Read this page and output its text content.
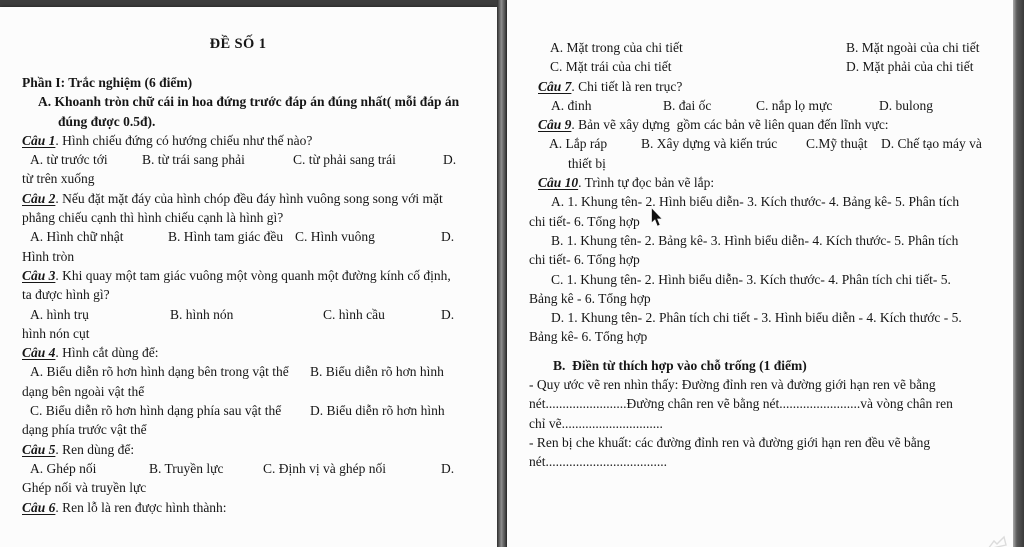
ĐỀ SỐ 1
Phần I: Trắc nghiệm (6 điểm)
A. Khoanh tròn chữ cái in hoa đứng trước đáp án đúng nhất( mỗi đáp án
đúng được 0.5đ).
Câu 1. Hình chiếu đứng có hướng chiếu như thế nào?

A. từ trước tới

	B. từ trái sang phải

	C. từ phải sang trái

	D.

từ trên xuống
Câu 2. Nếu đặt mặt đáy của hình chóp đều đáy hình vuông song song với mặt
phẳng chiếu cạnh thì hình chiếu cạnh là hình gì?

A. Hình chữ nhật

	B. Hình tam giác đều

C. Hình vuông

	D.

Hình tròn
Câu 3. Khi quay một tam giác vuông một vòng quanh một đường kính cố định,
ta được hình gì?

A. hình trụ

	B. hình nón

	C. hình cầu

	D.

hình nón cụt
Câu 4. Hình cắt dùng để:

A. Biểu diễn rõ hơn hình dạng bên trong vật thể

B. Biểu diễn rõ hơn hình

dạng bên ngoài vật thể

C. Biểu diễn rõ hơn hình dạng phía sau vật thể

D. Biểu diễn rõ hơn hình

dạng phía trước vật thể
Câu 5. Ren dùng để:

A. Ghép nối

	B. Truyền lực

	C. Định vị và ghép nối

	D.

Ghép nối và truyền lực
Câu 6. Ren lỗ là ren được hình thành:

A. Mặt trong của chi tiết

	B. Mặt ngoài của chi tiết

C. Mặt trái của chi tiết

	D. Mặt phải của chi tiết

Câu 7. Chi tiết là ren trục?

A. đinh

	B. đai ốc

	C. nắp lọ mực

	D. bulong

Câu 9. Bản vẽ xây dựng  gồm các bản vẽ liên quan đến lĩnh vực:

A. Lắp ráp

	B. Xây dựng và kiến trúc

C.Mỹ thuật

D. Chế tạo máy và

thiết bị
Câu 10. Trình tự đọc bản vẽ lắp:
A. 1. Khung tên- 2. Hình biểu diễn- 3. Kích thước- 4. Bảng kê- 5. Phân tích
chi tiết- 6. Tổng hợp
B. 1. Khung tên- 2. Bảng kê- 3. Hình biểu diễn- 4. Kích thước- 5. Phân tích
chi tiết- 6. Tổng hợp
C. 1. Khung tên- 2. Hình biểu diễn- 3. Kích thước- 4. Phân tích chi tiết- 5.
Bảng kê - 6. Tổng hợp
D. 1. Khung tên- 2. Phân tích chi tiết - 3. Hình biểu diễn - 4. Kích thước - 5.
Bảng kê- 6. Tổng hợp
B.  Điền từ thích hợp vào chỗ trống (1 điểm)
- Quy ước vẽ ren nhìn thấy: Đường đỉnh ren và đường giới hạn ren vẽ bằng
nét........................Đường chân ren vẽ bằng nét........................và vòng chân ren
chỉ vẽ..............................
- Ren bị che khuất: các đường đỉnh ren và đường giới hạn ren đều vẽ bằng
nét....................................
